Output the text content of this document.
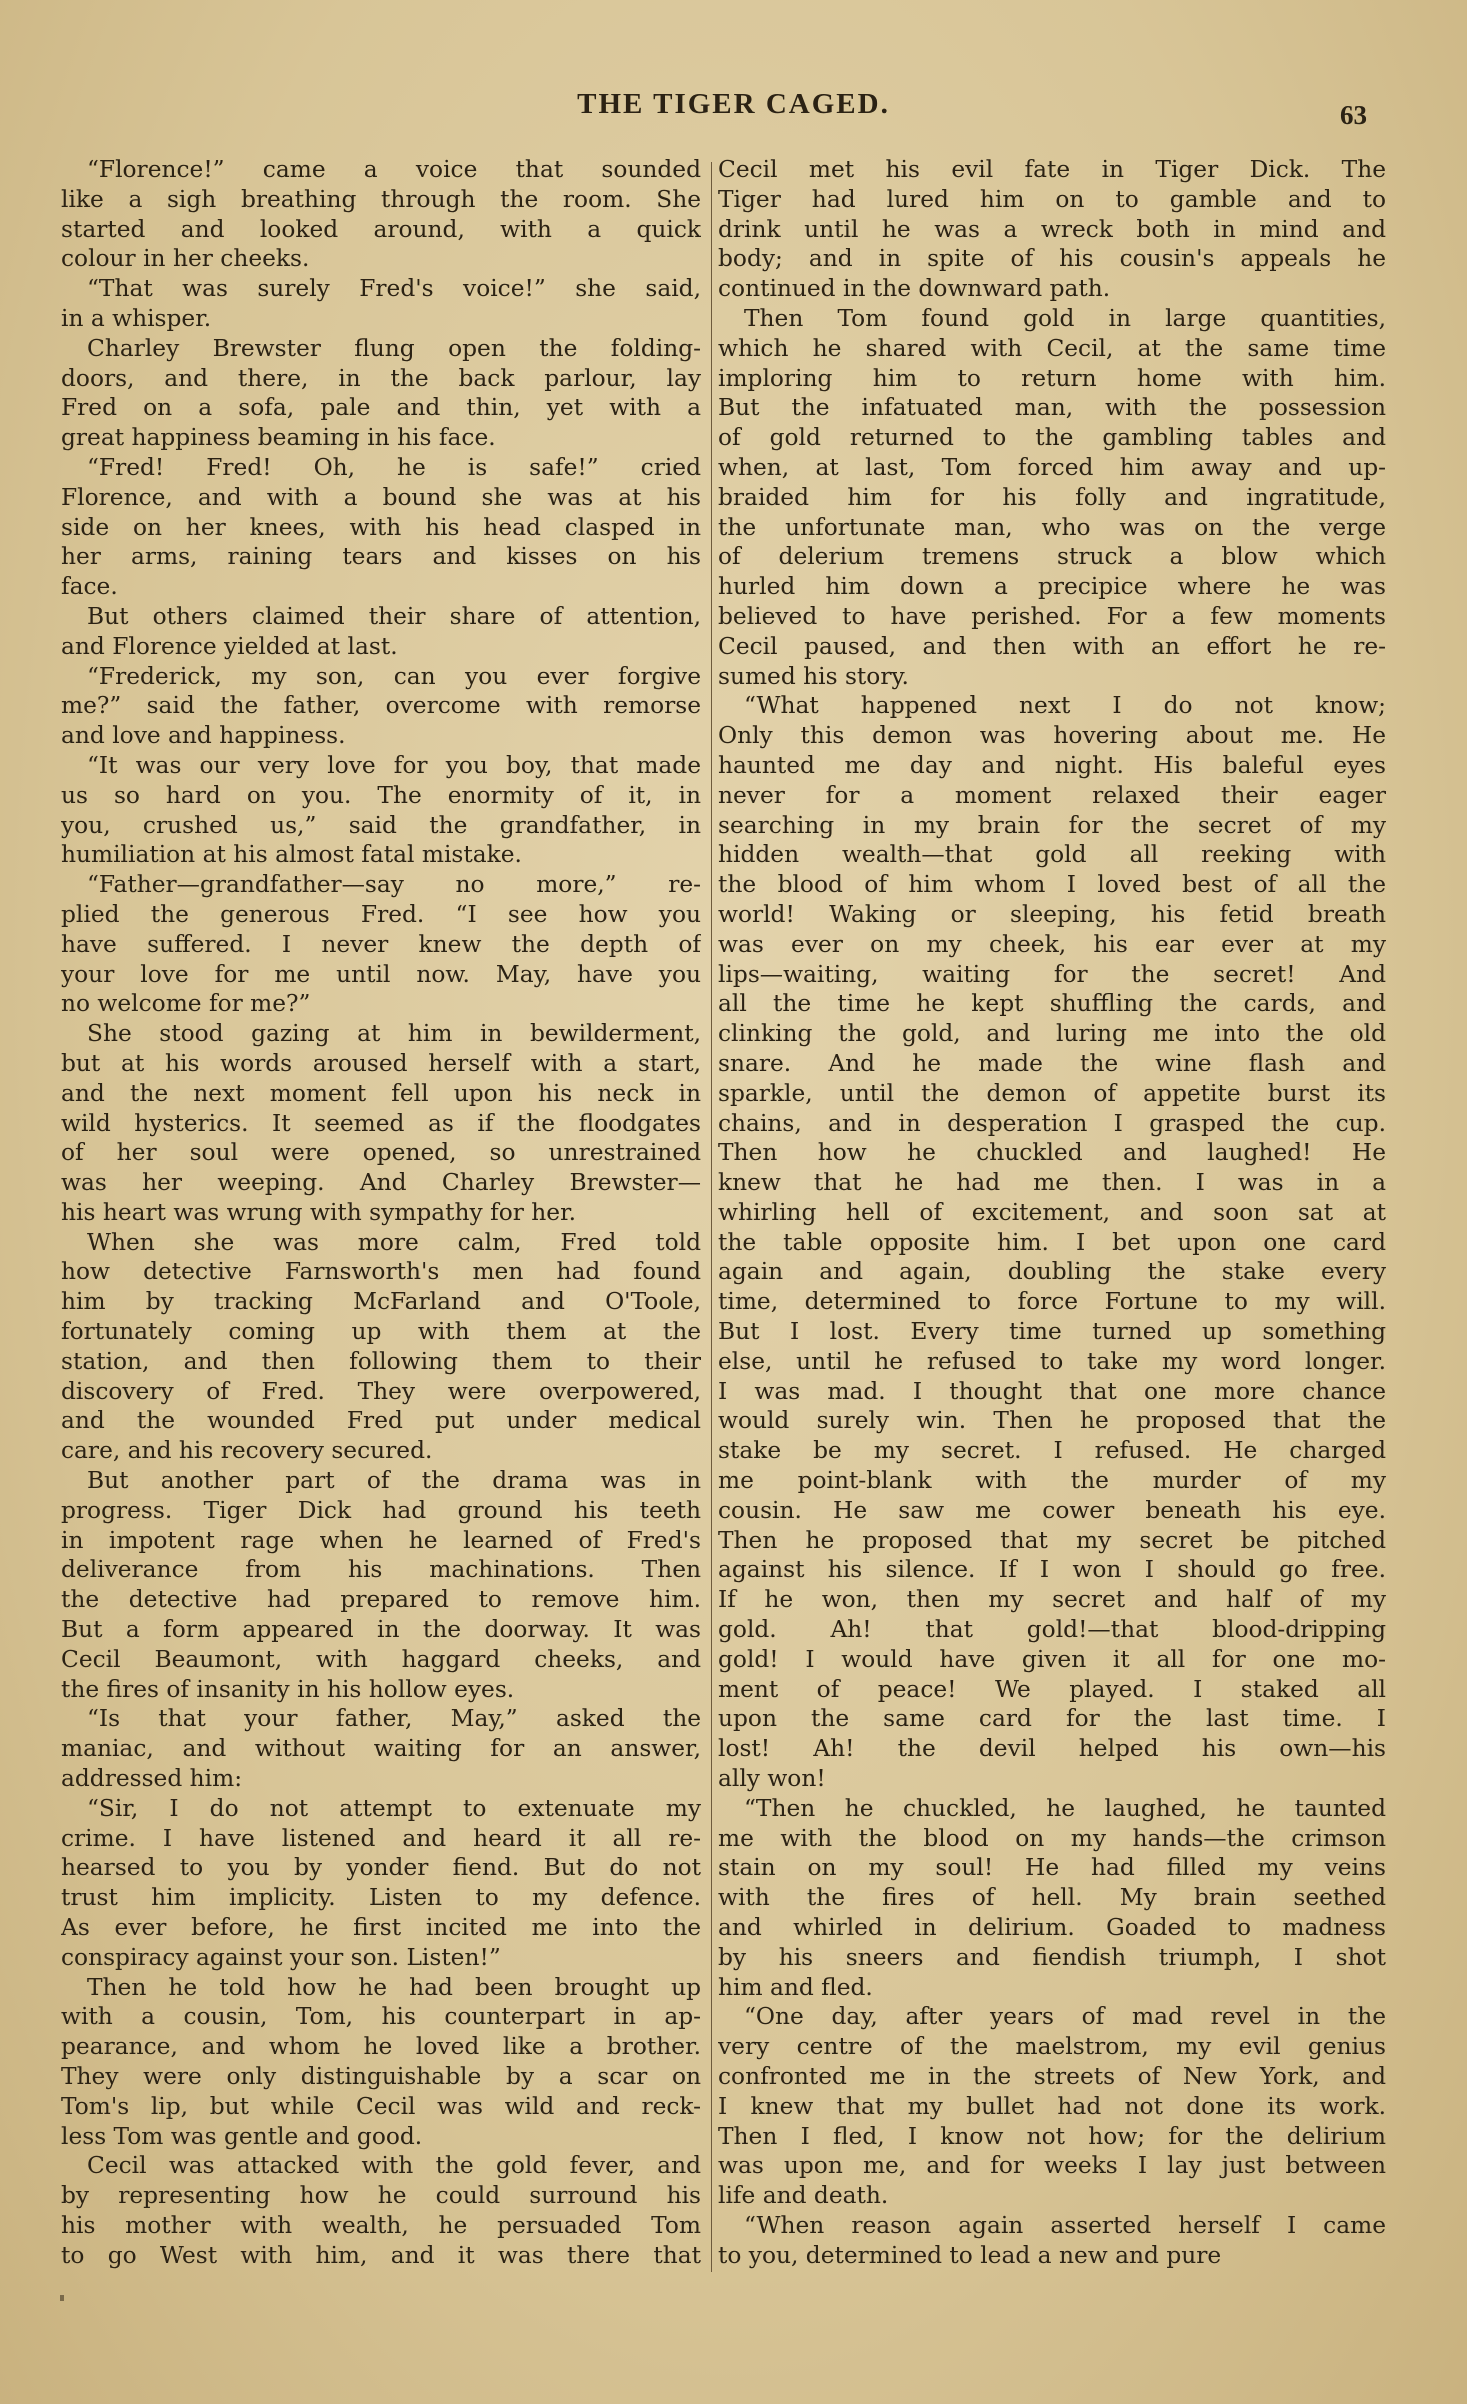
THE TIGER CAGED.	63
“Florence!” came a voice that sounded
like a sigh breathing through the room. She
started and looked around, with a quick
colour in her cheeks.
“That was surely Fred's voice!” she said,
in a whisper.
Charley Brewster flung open the folding-
doors, and there, in the back parlour, lay
Fred on a sofa, pale and thin, yet with a
great happiness beaming in his face.
“Fred! Fred! Oh, he is safe!” cried
Florence, and with a bound she was at his
side on her knees, with his head clasped in
her arms, raining tears and kisses on his
face.
But others claimed their share of attention,
and Florence yielded at last.
“Frederick, my son, can you ever forgive
me?” said the father, overcome with remorse
and love and happiness.
“It was our very love for you boy, that made
us so hard on you. The enormity of it, in
you, crushed us,” said the grandfather, in
humiliation at his almost fatal mistake.
“Father—grandfather—say no more,” re-
plied the generous Fred. “I see how you
have suffered. I never knew the depth of
your love for me until now. May, have you
no welcome for me?”
She stood gazing at him in bewilderment,
but at his words aroused herself with a start,
and the next moment fell upon his neck in
wild hysterics. It seemed as if the floodgates
of her soul were opened, so unrestrained
was her weeping. And Charley Brewster—
his heart was wrung with sympathy for her.
When she was more calm, Fred told
how detective Farnsworth's men had found
him by tracking McFarland and O'Toole,
fortunately coming up with them at the
station, and then following them to their
discovery of Fred. They were overpowered,
and the wounded Fred put under medical
care, and his recovery secured.
But another part of the drama was in
progress. Tiger Dick had ground his teeth
in impotent rage when he learned of Fred's
deliverance from his machinations. Then
the detective had prepared to remove him.
But a form appeared in the doorway. It was
Cecil Beaumont, with haggard cheeks, and
the fires of insanity in his hollow eyes.
“Is that your father, May,” asked the
maniac, and without waiting for an answer,
addressed him:
“Sir, I do not attempt to extenuate my
crime. I have listened and heard it all re-
hearsed to you by yonder fiend. But do not
trust him implicity. Listen to my defence.
As ever before, he first incited me into the
conspiracy against your son. Listen!”
Then he told how he had been brought up
with a cousin, Tom, his counterpart in ap-
pearance, and whom he loved like a brother.
They were only distinguishable by a scar on
Tom's lip, but while Cecil was wild and reck-
less Tom was gentle and good.
Cecil was attacked with the gold fever, and
by representing how he could surround his
his mother with wealth, he persuaded Tom
to go West with him, and it was there that
Cecil met his evil fate in Tiger Dick. The
Tiger had lured him on to gamble and to
drink until he was a wreck both in mind and
body; and in spite of his cousin's appeals he
continued in the downward path.
Then Tom found gold in large quantities,
which he shared with Cecil, at the same time
imploring him to return home with him.
But the infatuated man, with the possession
of gold returned to the gambling tables and
when, at last, Tom forced him away and up-
braided him for his folly and ingratitude,
the unfortunate man, who was on the verge
of delerium tremens struck a blow which
hurled him down a precipice where he was
believed to have perished. For a few moments
Cecil paused, and then with an effort he re-
sumed his story.
“What happened next I do not know;
Only this demon was hovering about me. He
haunted me day and night. His baleful eyes
never for a moment relaxed their eager
searching in my brain for the secret of my
hidden wealth—that gold all reeking with
the blood of him whom I loved best of all the
world! Waking or sleeping, his fetid breath
was ever on my cheek, his ear ever at my
lips—waiting, waiting for the secret! And
all the time he kept shuffling the cards, and
clinking the gold, and luring me into the old
snare. And he made the wine flash and
sparkle, until the demon of appetite burst its
chains, and in desperation I grasped the cup.
Then how he chuckled and laughed! He
knew that he had me then. I was in a
whirling hell of excitement, and soon sat at
the table opposite him. I bet upon one card
again and again, doubling the stake every
time, determined to force Fortune to my will.
But I lost. Every time turned up something
else, until he refused to take my word longer.
I was mad. I thought that one more chance
would surely win. Then he proposed that the
stake be my secret. I refused. He charged
me point-blank with the murder of my
cousin. He saw me cower beneath his eye.
Then he proposed that my secret be pitched
against his silence. If I won I should go free.
If he won, then my secret and half of my
gold. Ah! that gold!—that blood-dripping
gold! I would have given it all for one mo-
ment of peace! We played. I staked all
upon the same card for the last time. I
lost! Ah! the devil helped his own—his
ally won!
“Then he chuckled, he laughed, he taunted
me with the blood on my hands—the crimson
stain on my soul! He had filled my veins
with the fires of hell. My brain seethed
and whirled in delirium. Goaded to madness
by his sneers and fiendish triumph, I shot
him and fled.
“One day, after years of mad revel in the
very centre of the maelstrom, my evil genius
confronted me in the streets of New York, and
I knew that my bullet had not done its work.
Then I fled, I know not how; for the delirium
was upon me, and for weeks I lay just between
life and death.
“When reason again asserted herself I came
to you, determined to lead a new and pure
